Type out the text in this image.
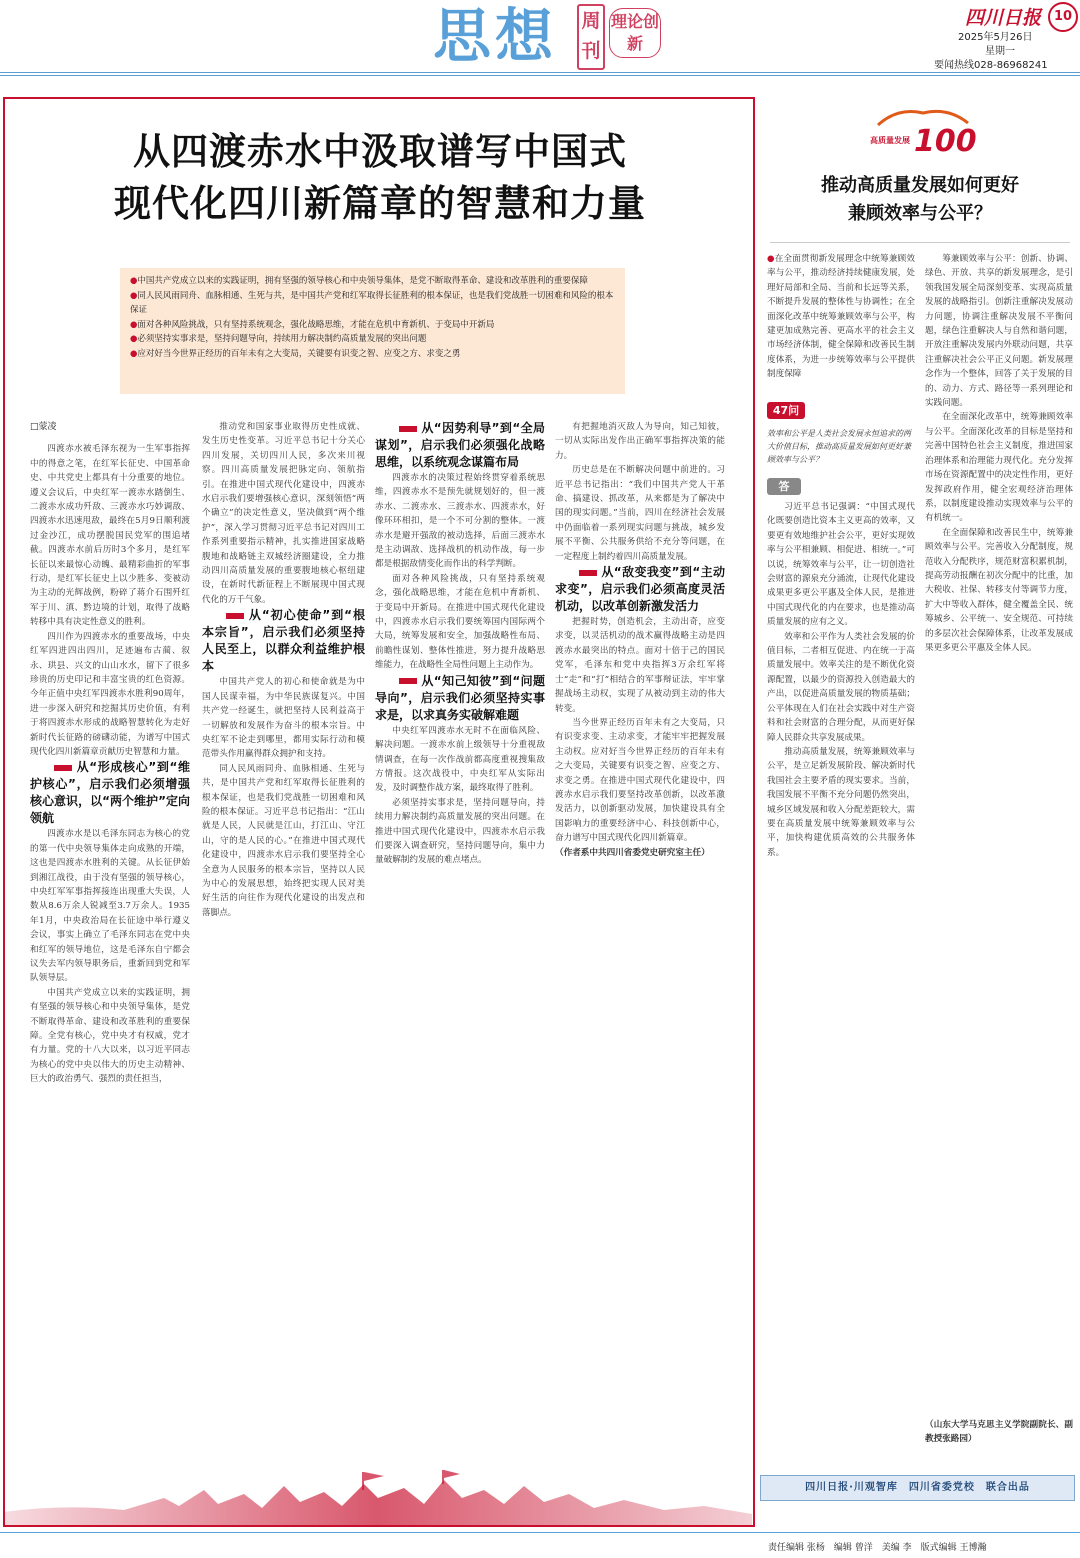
思想 周刊
理论创新
四川日报 10
2025年5月26日
星期一
要闻热线028-86968241
从四渡赤水中汲取谱写中国式
现代化四川新篇章的智慧和力量
●中国共产党成立以来的实践证明，拥有坚强的领导核心和中央领导集体，是党不断取得革命、建设和改革胜利的重要保障
●同人民风雨同舟、血脉相通、生死与共，是中国共产党和红军取得长征胜利的根本保证，也是我们党战胜一切困难和风险的根本保证
●面对各种风险挑战，只有坚持系统观念，强化战略思维，才能在危机中育新机、于变局中开新局
●必须坚持实事求是，坚持问题导向，持续用力解决制约高质量发展的突出问题
●应对好当今世界正经历的百年未有之大变局，关键要有识变之智、应变之方、求变之勇

□蒙凌

四渡赤水被毛泽东视为一生军事指挥中的得意之笔，在红军长征史、中国革命史、中共党史上都具有十分重要的地位。遵义会议后，中央红军一渡赤水踏倒生、二渡赤水成功歼敌、三渡赤水巧妙调敌、四渡赤水迅速甩敌，最终在5月9日顺利渡过金沙江，成功摆脱国民党军的围追堵截。四渡赤水前后历时3个多月，是红军长征以来最惊心动魄、最精彩曲折的军事行动，是红军长征史上以少胜多、变被动为主动的光辉战例，粉碎了蒋介石围歼红军于川、滇、黔边境的计划，取得了战略转移中具有决定性意义的胜利。

四川作为四渡赤水的重要战场，中央红军四进四出四川，足迹遍布古蔺、叙永、珙县、兴文的山山水水，留下了很多珍贵的历史印记和丰富宝贵的红色资源。今年正值中央红军四渡赤水胜利90周年，进一步深入研究和挖掘其历史价值，有利于将四渡赤水形成的战略智慧转化为走好新时代长征路的磅礴动能，为谱写中国式现代化四川新篇章贡献历史智慧和力量。

从“形成核心”到“维护核心”，启示我们必须增强核心意识，以“两个维护”定向领航

四渡赤水是以毛泽东同志为核心的党的第一代中央领导集体走向成熟的开端，这也是四渡赤水胜利的关键。从长征伊始到湘江战役，由于没有坚强的领导核心，中央红军军事指挥接连出现重大失误，人数从8.6万余人锐减至3.7万余人。1935年1月，中央政治局在长征途中举行遵义会议，事实上确立了毛泽东同志在党中央和红军的领导地位，这是毛泽东自宁都会议失去军内领导职务后，重新回到党和军队领导层。

中国共产党成立以来的实践证明，拥有坚强的领导核心和中央领导集体，是党不断取得革命、建设和改革胜利的重要保障。全党有核心，党中央才有权威，党才有力量。党的十八大以来，以习近平同志为核心的党中央以伟大的历史主动精神、巨大的政治勇气、强烈的责任担当，

推动党和国家事业取得历史性成就、发生历史性变革。习近平总书记十分关心四川发展，关切四川人民，多次来川视察。四川高质量发展把脉定向、领航指引。在推进中国式现代化建设中，四渡赤水启示我们要增强核心意识，深刻领悟“两个确立”的决定性意义，坚决做到“两个维护”，深入学习贯彻习近平总书记对四川工作系列重要指示精神，扎实推进国家战略腹地和战略链主双城经济圈建设，全力推动四川高质量发展的重要腹地核心枢纽建设，在新时代新征程上不断展现中国式现代化的万千气象。

从“初心使命”到“根本宗旨”，启示我们必须坚持人民至上，以群众利益维护根本

中国共产党人的初心和使命就是为中国人民谋幸福，为中华民族谋复兴。中国共产党一经诞生，就把坚持人民利益高于一切解放和发展作为奋斗的根本宗旨。中央红军不论走到哪里，都用实际行动和模范带头作用赢得群众拥护和支持。

同人民风雨同舟、血脉相通、生死与共，是中国共产党和红军取得长征胜利的根本保证，也是我们党战胜一切困难和风险的根本保证。习近平总书记指出：“江山就是人民，人民就是江山，打江山、守江山，守的是人民的心。”在推进中国式现代化建设中，四渡赤水启示我们要坚持全心全意为人民服务的根本宗旨，坚持以人民为中心的发展思想，始终把实现人民对美好生活的向往作为现代化建设的出发点和落脚点。

从“因势利导”到“全局谋划”，启示我们必须强化战略思维，以系统观念谋篇布局

四渡赤水的决策过程始终贯穿着系统思维，四渡赤水不是预先就规划好的，但一渡赤水、二渡赤水、三渡赤水、四渡赤水，好像环环相扣，是一个不可分割的整体。一渡赤水是避开强敌的被动选择，后面三渡赤水是主动调敌、选择战机的机动作战，每一步都是根据敌情变化而作出的科学判断。

面对各种风险挑战，只有坚持系统观念，强化战略思维，才能在危机中育新机、于变局中开新局。在推进中国式现代化建设中，四渡赤水启示我们要统筹国内国际两个大局，统筹发展和安全，加强战略性布局、前瞻性谋划、整体性推进，努力提升战略思维能力，在战略性全局性问题上主动作为。

从“知己知彼”到“问题导向”，启示我们必须坚持实事求是，以求真务实破解难题

中央红军四渡赤水无时不在面临风险、解决问题。一渡赤水前上级领导十分重视敌情调查，在每一次作战前都高度重视搜集敌方情报。这次战役中，中央红军从实际出发，及时调整作战方案，最终取得了胜利。

必须坚持实事求是，坚持问题导向，持续用力解决制约高质量发展的突出问题。在推进中国式现代化建设中，四渡赤水启示我们要深入调查研究，坚持问题导向，集中力量破解制约发展的难点堵点。

有把握地消灭敌人为导向，知己知彼，一切从实际出发作出正确军事指挥决策的能力。

历史总是在不断解决问题中前进的。习近平总书记指出：“我们中国共产党人干革命、搞建设、抓改革，从来都是为了解决中国的现实问题。”当前，四川在经济社会发展中仍面临着一系列现实问题与挑战，城乡发展不平衡、公共服务供给不充分等问题，在一定程度上制约着四川高质量发展。

从“敌变我变”到“主动求变”，启示我们必须高度灵活机动，以改革创新激发活力

把握时势，创造机会，主动出奇，应变求变，以灵活机动的战术赢得战略主动是四渡赤水最突出的特点。面对十倍于己的国民党军，毛泽东和党中央指挥3万余红军将士“走”和“打”相结合的军事辩证法，牢牢掌握战场主动权，实现了从被动到主动的伟大转变。

当今世界正经历百年未有之大变局，只有识变求变、主动求变，才能牢牢把握发展主动权。应对好当今世界正经历的百年未有之大变局，关键要有识变之智、应变之方、求变之勇。在推进中国式现代化建设中，四渡赤水启示我们要坚持改革创新，以改革激发活力，以创新驱动发展，加快建设具有全国影响力的重要经济中心、科技创新中心，奋力谱写中国式现代化四川新篇章。

（作者系中共四川省委党史研究室主任）

高质量发展 100
推动高质量发展如何更好
兼顾效率与公平？

●在全面贯彻新发展理念中统筹兼顾效率与公平，推动经济持续健康发展，处理好局部和全局、当前和长远等关系，不断提升发展的整体性与协调性；在全面深化改革中统筹兼顾效率与公平，构建更加成熟完善、更高水平的社会主义市场经济体制，健全保障和改善民生制度体系，为进一步统筹效率与公平提供制度保障

47问
效率和公平是人类社会发展永恒追求的两大价值目标，推动高质量发展如何更好兼顾效率与公平？
答

习近平总书记强调：“中国式现代化既要创造比资本主义更高的效率，又要更有效地维护社会公平，更好实现效率与公平相兼顾、相促进、相统一。”可以说，统筹效率与公平，让一切创造社会财富的源泉充分涌流，让现代化建设成果更多更公平惠及全体人民，是推进中国式现代化的内在要求，也是推动高质量发展的应有之义。

效率和公平作为人类社会发展的价值目标，二者相互促进、内在统一于高质量发展中。效率关注的是不断优化资源配置，以最少的资源投入创造最大的产出，以促进高质量发展的物质基础；公平体现在人们在社会实践中对生产资料和社会财富的合理分配，从而更好保障人民群众共享发展成果。

推动高质量发展，统筹兼顾效率与公平，是立足新发展阶段、解决新时代我国社会主要矛盾的现实要求。当前，我国发展不平衡不充分问题仍然突出，城乡区域发展和收入分配差距较大，需要在高质量发展中统筹兼顾效率与公平，加快构建优质高效的公共服务体系。

筹兼顾效率与公平：创新、协调、绿色、开放、共享的新发展理念，是引领我国发展全局深刻变革、实现高质量发展的战略指引。创新注重解决发展动力问题，协调注重解决发展不平衡问题，绿色注重解决人与自然和谐问题，开放注重解决发展内外联动问题，共享注重解决社会公平正义问题。新发展理念作为一个整体，回答了关于发展的目的、动力、方式、路径等一系列理论和实践问题。

在全面深化改革中，统筹兼顾效率与公平。全面深化改革的目标是坚持和完善中国特色社会主义制度，推进国家治理体系和治理能力现代化。充分发挥市场在资源配置中的决定性作用，更好发挥政府作用，健全宏观经济治理体系，以制度建设推动实现效率与公平的有机统一。

在全面保障和改善民生中，统筹兼顾效率与公平。完善收入分配制度，规范收入分配秩序，规范财富积累机制，提高劳动报酬在初次分配中的比重，加大税收、社保、转移支付等调节力度，扩大中等收入群体，健全覆盖全民、统筹城乡、公平统一、安全规范、可持续的多层次社会保障体系，让改革发展成果更多更公平惠及全体人民。

（山东大学马克思主义学院副院长、副教授张路园）

四川日报·川观智库　四川省委党校　联合出品
责任编辑 张杨　编辑 曾洋　美编 李　版式编辑 王博瀚
